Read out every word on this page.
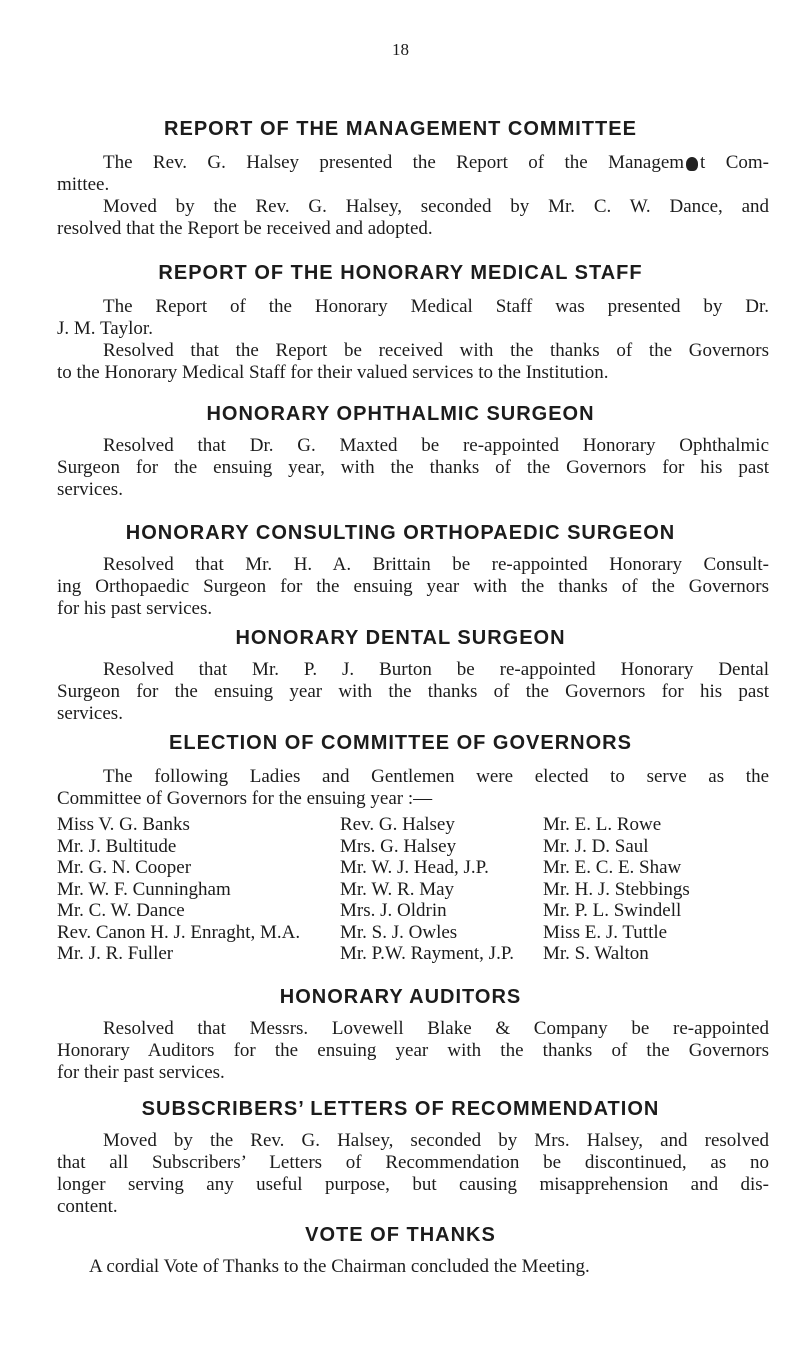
18
REPORT OF THE MANAGEMENT COMMITTEE
The Rev. G. Halsey presented the Report of the Managem t Com-
mittee.
Moved by the Rev. G. Halsey, seconded by Mr. C. W. Dance, and
resolved that the Report be received and adopted.
REPORT OF THE HONORARY MEDICAL STAFF
The Report of the Honorary Medical Staff was presented by Dr.
J. M. Taylor.
Resolved that the Report be received with the thanks of the Governors
to the Honorary Medical Staff for their valued services to the Institution.
HONORARY OPHTHALMIC SURGEON
Resolved that Dr. G. Maxted be re-appointed Honorary Ophthalmic
Surgeon for the ensuing year, with the thanks of the Governors for his past
services.
HONORARY CONSULTING ORTHOPAEDIC SURGEON
Resolved that Mr. H. A. Brittain be re-appointed Honorary Consult-
ing Orthopaedic Surgeon for the ensuing year with the thanks of the Governors
for his past services.
HONORARY DENTAL SURGEON
Resolved that Mr. P. J. Burton be re-appointed Honorary Dental
Surgeon for the ensuing year with the thanks of the Governors for his past
services.
ELECTION OF COMMITTEE OF GOVERNORS
The following Ladies and Gentlemen were elected to serve as the
Committee of Governors for the ensuing year :—
Miss V. G. Banks
Mr. J. Bultitude
Mr. G. N. Cooper
Mr. W. F. Cunningham
Mr. C. W. Dance
Rev. Canon H. J. Enraght, M.A.
Mr. J. R. Fuller
Rev. G. Halsey
Mrs. G. Halsey
Mr. W. J. Head, J.P.
Mr. W. R. May
Mrs. J. Oldrin
Mr. S. J. Owles
Mr. P.W. Rayment, J.P.
Mr. E. L. Rowe
Mr. J. D. Saul
Mr. E. C. E. Shaw
Mr. H. J. Stebbings
Mr. P. L. Swindell
Miss E. J. Tuttle
Mr. S. Walton
HONORARY AUDITORS
Resolved that Messrs. Lovewell Blake & Company be re-appointed
Honorary Auditors for the ensuing year with the thanks of the Governors
for their past services.
SUBSCRIBERS’ LETTERS OF RECOMMENDATION
Moved by the Rev. G. Halsey, seconded by Mrs. Halsey, and resolved
that all Subscribers’ Letters of Recommendation be discontinued, as no
longer serving any useful purpose, but causing misapprehension and dis-
content.
VOTE OF THANKS
A cordial Vote of Thanks to the Chairman concluded the Meeting.
